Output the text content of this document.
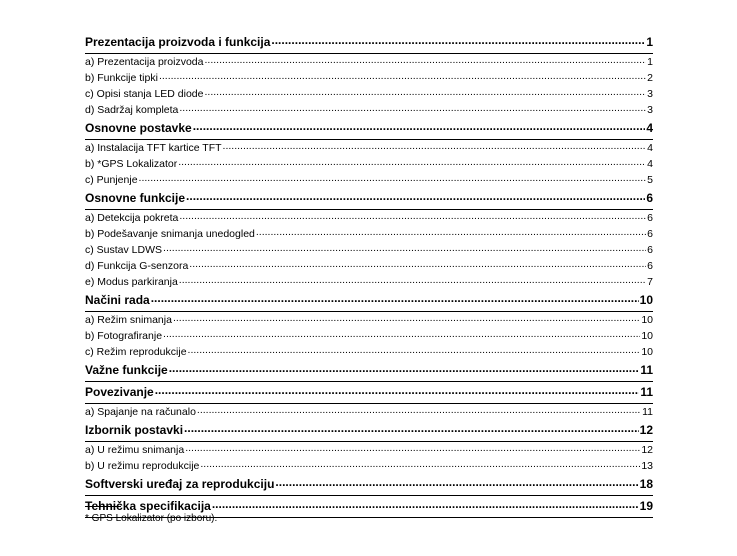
Prezentacija proizvoda i funkcija .....	1
a) Prezentacija proizvoda .....	1
b) Funkcije tipki .....	2
c) Opisi stanja LED diode .....	3
d) Sadržaj kompleta .....	3
Osnovne postavke .....	4
a) Instalacija TFT kartice TFT .....	4
b) *GPS Lokalizator .....	4
c) Punjenje .....	5
Osnovne funkcije .....	6
a) Detekcija pokreta .....	6
b) Podešavanje snimanja unedogled .....	6
c) Sustav LDWS .....	6
d) Funkcija G-senzora .....	6
e) Modus parkiranja .....	7
Načini rada .....	10
a) Režim snimanja .....	10
b) Fotografiranje .....	10
c) Režim reprodukcije .....	10
Važne funkcije .....	11
Povezivanje .....	11
a) Spajanje na računalo .....	11
Izbornik postavki .....	12
a) U režimu snimanja .....	12
b) U režimu reprodukcije .....	13
Softverski uređaj za reprodukciju .....	18
Tehnička specifikacija .....	19
* GPS Lokalizator (po izboru).
